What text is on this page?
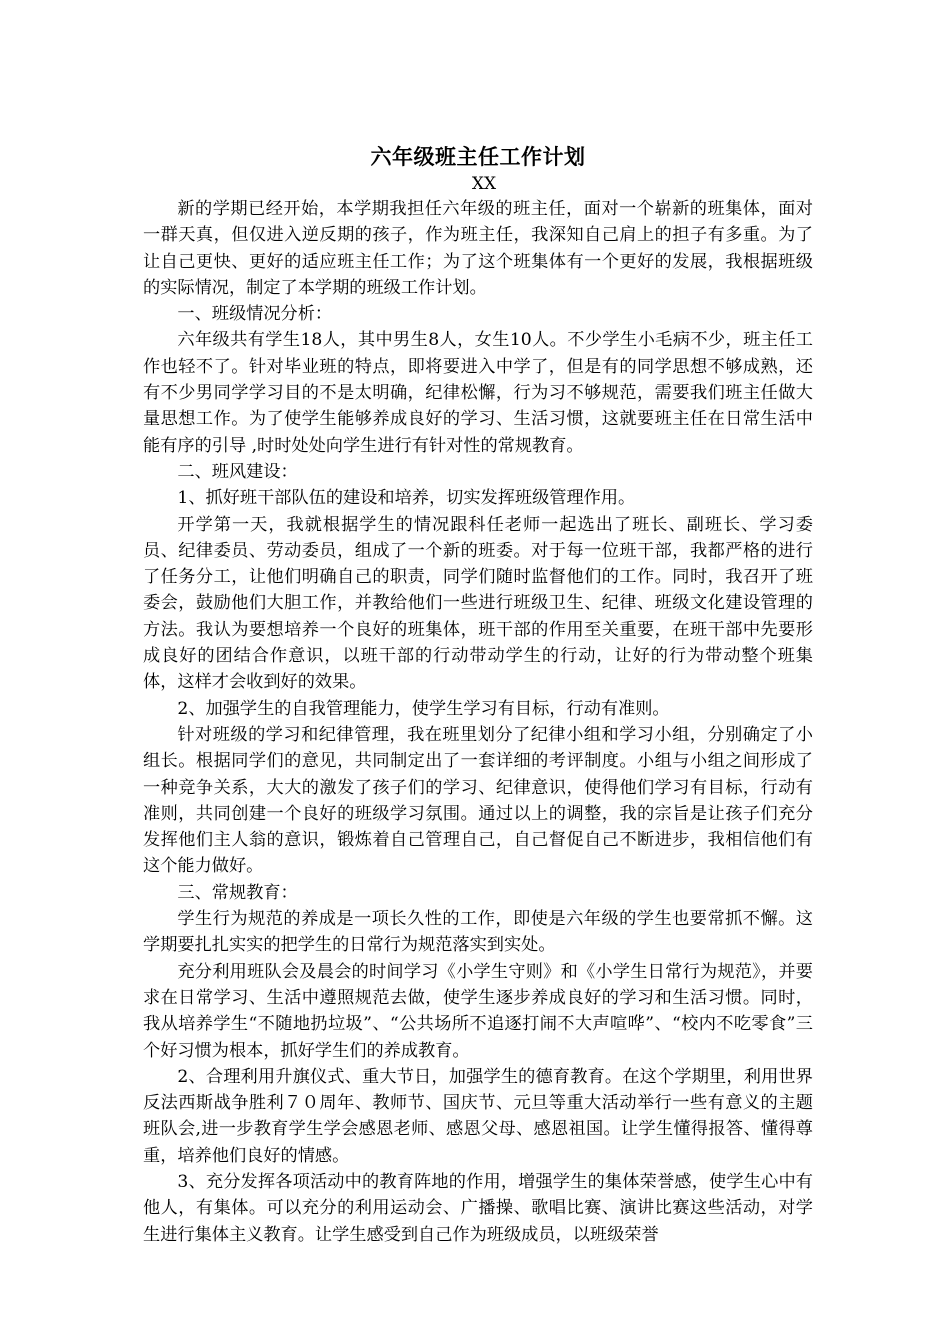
六年级班主任工作计划

XX

新的学期已经开始，本学期我担任六年级的班主任，面对一个崭新的班集体，面对一群天真，但仅进入逆反期的孩子，作为班主任，我深知自己肩上的担子有多重。为了让自己更快、更好的适应班主任工作；为了这个班集体有一个更好的发展，我根据班级的实际情况，制定了本学期的班级工作计划。

一、班级情况分析：

六年级共有学生18人，其中男生8人，女生10人。不少学生小毛病不少，班主任工作也轻不了。针对毕业班的特点，即将要进入中学了，但是有的同学思想不够成熟，还有不少男同学学习目的不是太明确，纪律松懈，行为习不够规范，需要我们班主任做大量思想工作。为了使学生能够养成良好的学习、生活习惯，这就要班主任在日常生活中能有序的引导 ,时时处处向学生进行有针对性的常规教育。

二、班风建设：

1、抓好班干部队伍的建设和培养，切实发挥班级管理作用。

开学第一天，我就根据学生的情况跟科任老师一起选出了班长、副班长、学习委员、纪律委员、劳动委员，组成了一个新的班委。对于每一位班干部，我都严格的进行了任务分工，让他们明确自己的职责，同学们随时监督他们的工作。同时，我召开了班委会，鼓励他们大胆工作，并教给他们一些进行班级卫生、纪律、班级文化建设管理的方法。我认为要想培养一个良好的班集体，班干部的作用至关重要，在班干部中先要形成良好的团结合作意识，以班干部的行动带动学生的行动，让好的行为带动整个班集体，这样才会收到好的效果。

2、加强学生的自我管理能力，使学生学习有目标，行动有准则。

针对班级的学习和纪律管理，我在班里划分了纪律小组和学习小组，分别确定了小组长。根据同学们的意见，共同制定出了一套详细的考评制度。小组与小组之间形成了一种竞争关系，大大的激发了孩子们的学习、纪律意识，使得他们学习有目标，行动有准则，共同创建一个良好的班级学习氛围。通过以上的调整，我的宗旨是让孩子们充分发挥他们主人翁的意识，锻炼着自己管理自己，自己督促自己不断进步，我相信他们有这个能力做好。

三、常规教育：

学生行为规范的养成是一项长久性的工作，即使是六年级的学生也要常抓不懈。这学期要扎扎实实的把学生的日常行为规范落实到实处。

充分利用班队会及晨会的时间学习《小学生守则》和《小学生日常行为规范》，并要求在日常学习、生活中遵照规范去做，使学生逐步养成良好的学习和生活习惯。同时，我从培养学生“不随地扔垃圾”、“公共场所不追逐打闹不大声喧哗”、“校内不吃零食”三个好习惯为根本，抓好学生们的养成教育。

2、合理利用升旗仪式、重大节日，加强学生的德育教育。在这个学期里，利用世界反法西斯战争胜利７０周年、教师节、国庆节、元旦等重大活动举行一些有意义的主题班队会,进一步教育学生学会感恩老师、感恩父母、感恩祖国。让学生懂得报答、懂得尊重，培养他们良好的情感。

3、充分发挥各项活动中的教育阵地的作用，增强学生的集体荣誉感，使学生心中有他人，有集体。可以充分的利用运动会、广播操、歌唱比赛、演讲比赛这些活动，对学生进行集体主义教育。让学生感受到自己作为班级成员，以班级荣誉
